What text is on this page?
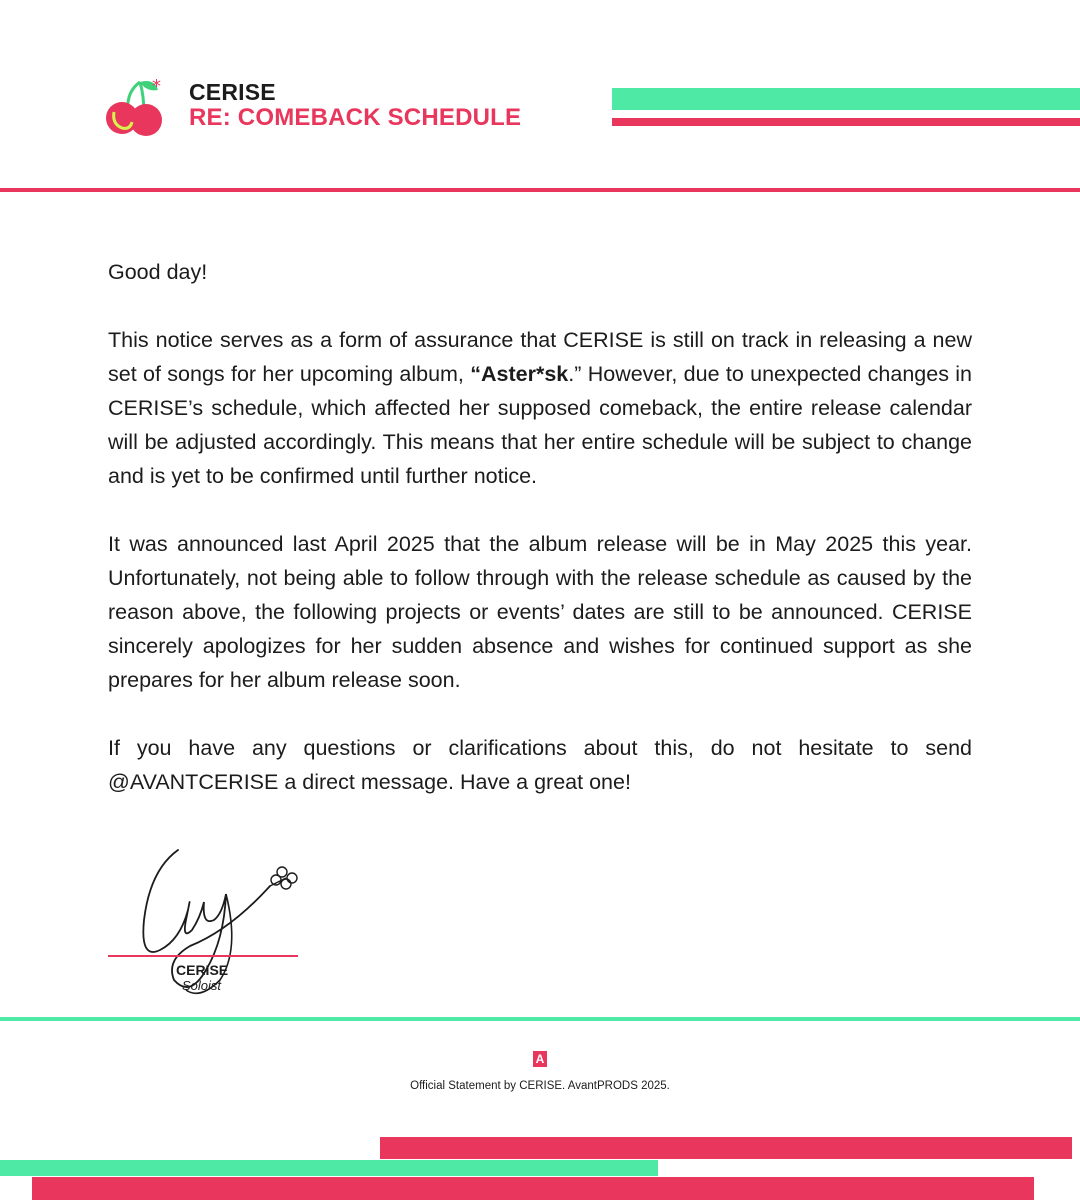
* CERISE
RE: COMEBACK SCHEDULE

Good day!

This notice serves as a form of assurance that CERISE is still on track in releasing a new set of songs for her upcoming album, “Aster*sk.” However, due to unexpected changes in CERISE’s schedule, which affected her supposed comeback, the entire release calendar will be adjusted accordingly. This means that her entire schedule will be subject to change and is yet to be confirmed until further notice.

It was announced last April 2025 that the album release will be in May 2025 this year. Unfortunately, not being able to follow through with the release schedule as caused by the reason above, the following projects or events’ dates are still to be announced. CERISE sincerely apologizes for her sudden absence and wishes for continued support as she prepares for her album release soon.

If you have any questions or clarifications about this, do not hesitate to send @AVANTCERISE a direct message. Have a great one!

CERISE
Soloist
A
Official Statement by CERISE. AvantPRODS 2025.
